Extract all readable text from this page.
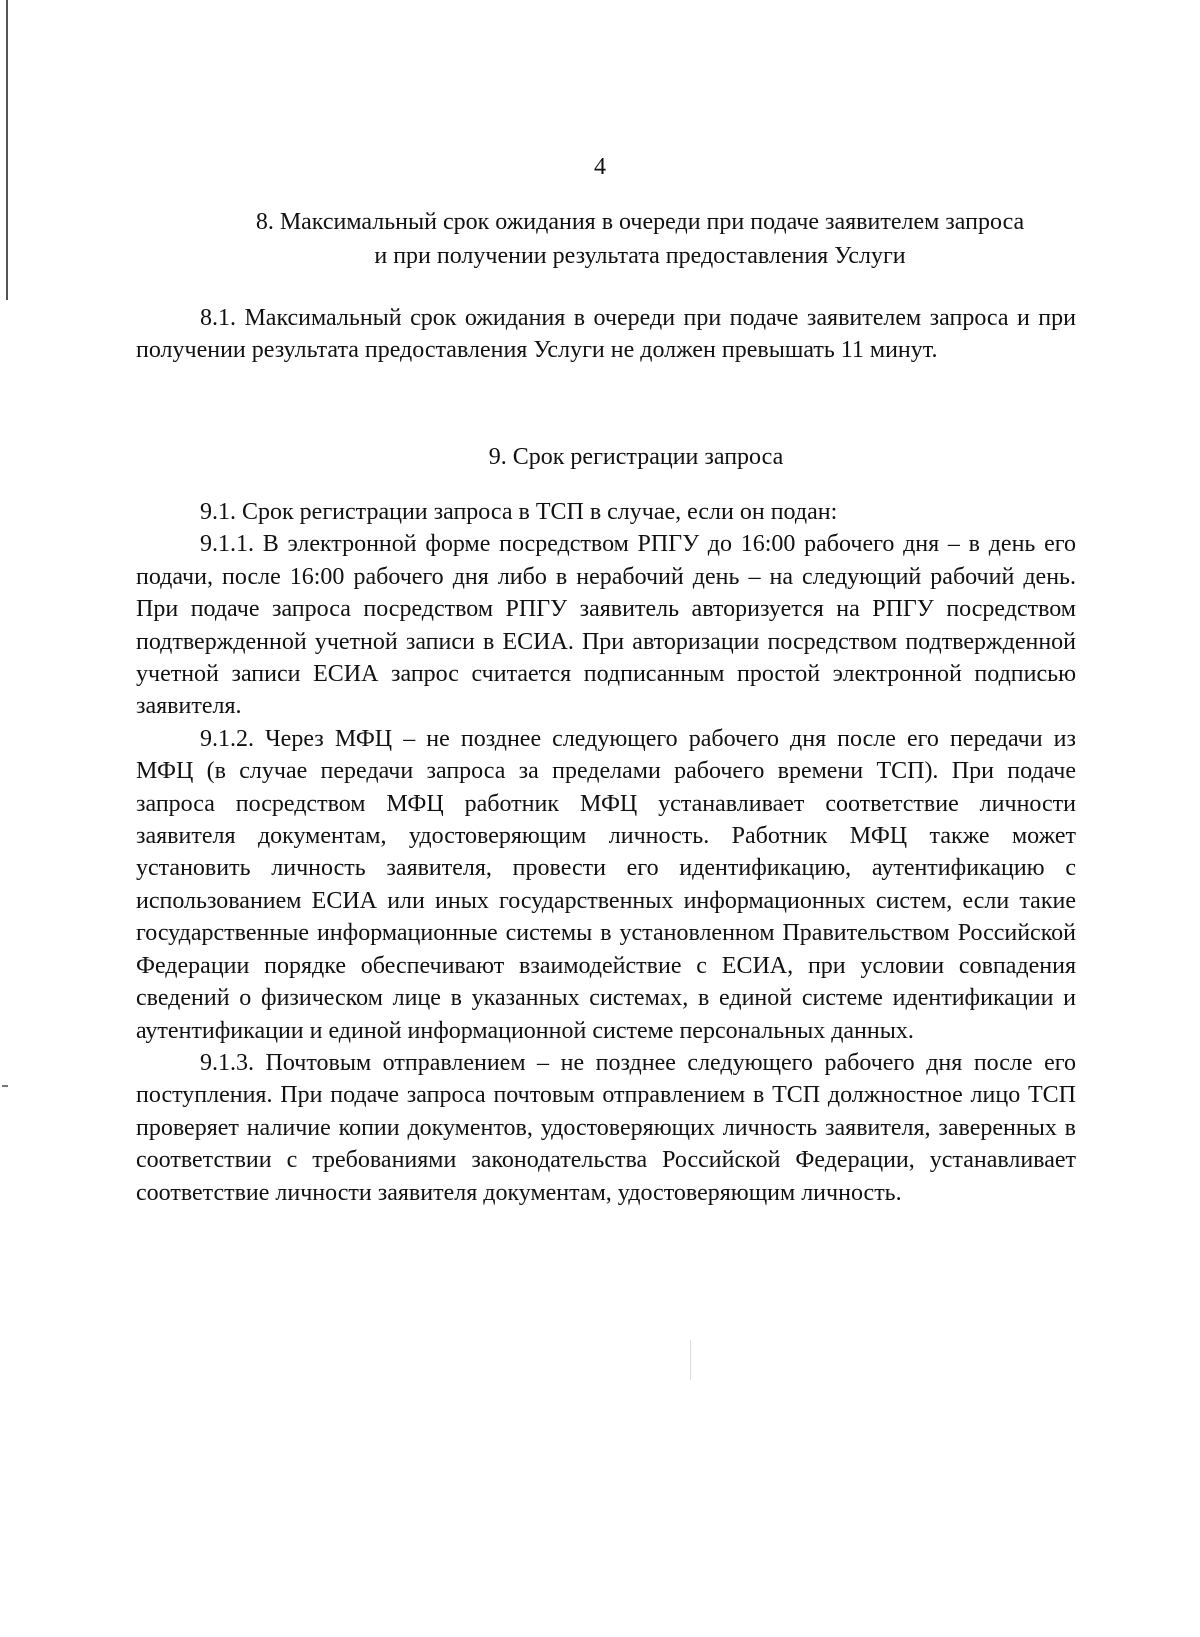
4
8. Максимальный срок ожидания в очереди при подаче заявителем запроса
и при получении результата предоставления Услуги

8.1. Максимальный срок ожидания в очереди при подаче заявителем запроса и при получении результата предоставления Услуги не должен превышать 11 минут.

9. Срок регистрации запроса

9.1. Срок регистрации запроса в ТСП в случае, если он подан:

9.1.1. В электронной форме посредством РПГУ до 16:00 рабочего дня – в день его подачи, после 16:00 рабочего дня либо в нерабочий день – на следующий рабочий день. При подаче запроса посредством РПГУ заявитель авторизуется на РПГУ посредством подтвержденной учетной записи в ЕСИА. При авторизации посредством подтвержденной учетной записи ЕСИА запрос считается подписанным простой электронной подписью заявителя.

9.1.2. Через МФЦ – не позднее следующего рабочего дня после его передачи из МФЦ (в случае передачи запроса за пределами рабочего времени ТСП). При подаче запроса посредством МФЦ работник МФЦ устанавливает соответствие личности заявителя документам, удостоверяющим личность. Работник МФЦ также может установить личность заявителя, провести его идентификацию, аутентификацию с использованием ЕСИА или иных государственных информационных систем, если такие государственные информационные системы в установленном Правительством Российской Федерации порядке обеспечивают взаимодействие с ЕСИА, при условии совпадения сведений о физическом лице в указанных системах, в единой системе идентификации и аутентификации и единой информационной системе персональных данных.

9.1.3. Почтовым отправлением – не позднее следующего рабочего дня после его поступления. При подаче запроса почтовым отправлением в ТСП должностное лицо ТСП проверяет наличие копии документов, удостоверяющих личность заявителя, заверенных в соответствии с требованиями законодательства Российской Федерации, устанавливает соответствие личности заявителя документам, удостоверяющим личность.
